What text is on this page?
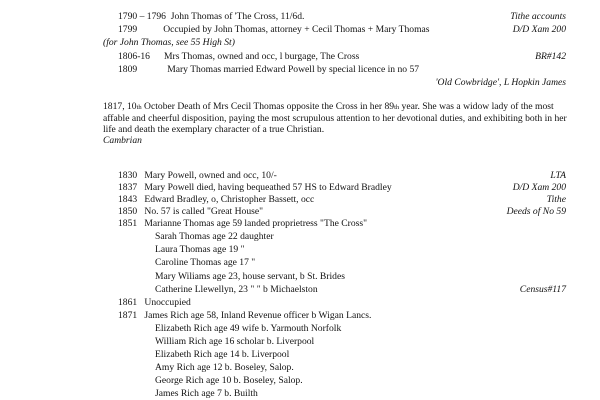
1790 – 1796 John Thomas of 'The Cross, 11/6d.	Tithe accounts
1799	Occupied by John Thomas, attorney + Cecil Thomas + Mary Thomas	D/D Xam 200
(for John Thomas, see 55 High St)
1806-16 Mrs Thomas, owned and occ, l burgage, The Cross	BR#142
1809	Mary Thomas married Edward Powell by special licence in no 57
'Old Cowbridge', L Hopkin James

1817, 10th October Death of Mrs Cecil Thomas opposite the Cross in her 89th year. She was a widow lady of the most affable and cheerful disposition, paying the most scrupulous attention to her devotional duties, and exhibiting both in her life and death the exemplary character of a true Christian.

Cambrian

1830 Mary Powell, owned and occ, 10/-	LTA
1837 Mary Powell died, having bequeathed 57 HS to Edward Bradley	D/D Xam 200
1843 Edward Bradley, o, Christopher Bassett, occ	Tithe
1850 No. 57 is called "Great House"	Deeds of No 59
1851 Marianne Thomas age 59 landed proprietress "The Cross"
Sarah Thomas age 22 daughter
Laura Thomas age 19 "
Caroline Thomas age 17 "
Mary Wiliams age 23, house servant, b St. Brides
Catherine Llewellyn, 23 " " b Michaelston	Census#117
1861 Unoccupied
1871 James Rich age 58, Inland Revenue officer b Wigan Lancs.
Elizabeth Rich age 49 wife b. Yarmouth Norfolk
William Rich age 16 scholar b. Liverpool
Elizabeth Rich age 14 b. Liverpool
Amy Rich age 12 b. Boseley, Salop.
George Rich age 10 b. Boseley, Salop.
James Rich age 7 b. Builth
